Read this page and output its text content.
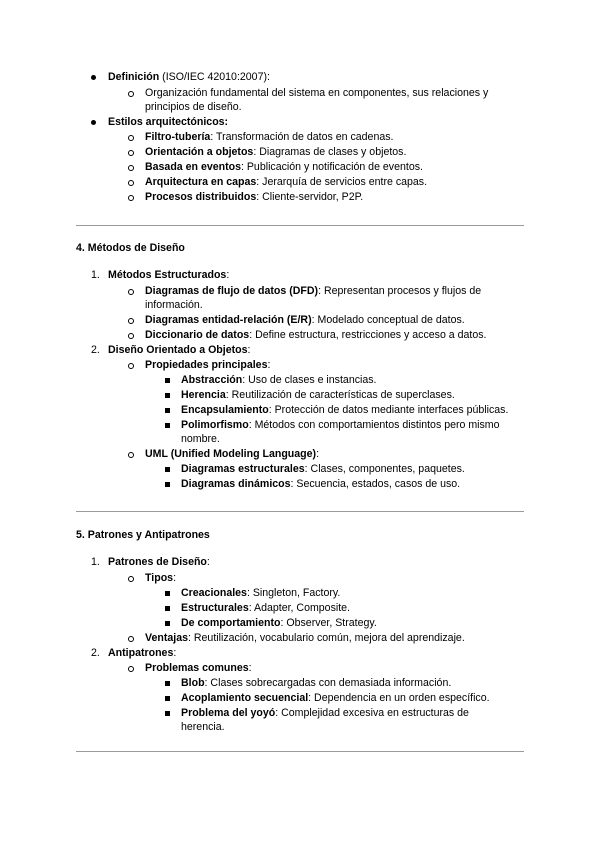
Definición (ISO/IEC 42010:2007):
Organización fundamental del sistema en componentes, sus relaciones y
principios de diseño.
Estilos arquitectónicos:
Filtro-tubería: Transformación de datos en cadenas.
Orientación a objetos: Diagramas de clases y objetos.
Basada en eventos: Publicación y notificación de eventos.
Arquitectura en capas: Jerarquía de servicios entre capas.
Procesos distribuidos: Cliente-servidor, P2P.
4. Métodos de Diseño
1. Métodos Estructurados:
Diagramas de flujo de datos (DFD): Representan procesos y flujos de
información.
Diagramas entidad-relación (E/R): Modelado conceptual de datos.
Diccionario de datos: Define estructura, restricciones y acceso a datos.
2. Diseño Orientado a Objetos:
Propiedades principales:
Abstracción: Uso de clases e instancias.
Herencia: Reutilización de características de superclases.
Encapsulamiento: Protección de datos mediante interfaces públicas.
Polimorfismo: Métodos con comportamientos distintos pero mismo
nombre.
UML (Unified Modeling Language):
Diagramas estructurales: Clases, componentes, paquetes.
Diagramas dinámicos: Secuencia, estados, casos de uso.
5. Patrones y Antipatrones
1. Patrones de Diseño:
Tipos:
Creacionales: Singleton, Factory.
Estructurales: Adapter, Composite.
De comportamiento: Observer, Strategy.
Ventajas: Reutilización, vocabulario común, mejora del aprendizaje.
2. Antipatrones:
Problemas comunes:
Blob: Clases sobrecargadas con demasiada información.
Acoplamiento secuencial: Dependencia en un orden específico.
Problema del yoyó: Complejidad excesiva en estructuras de
herencia.
